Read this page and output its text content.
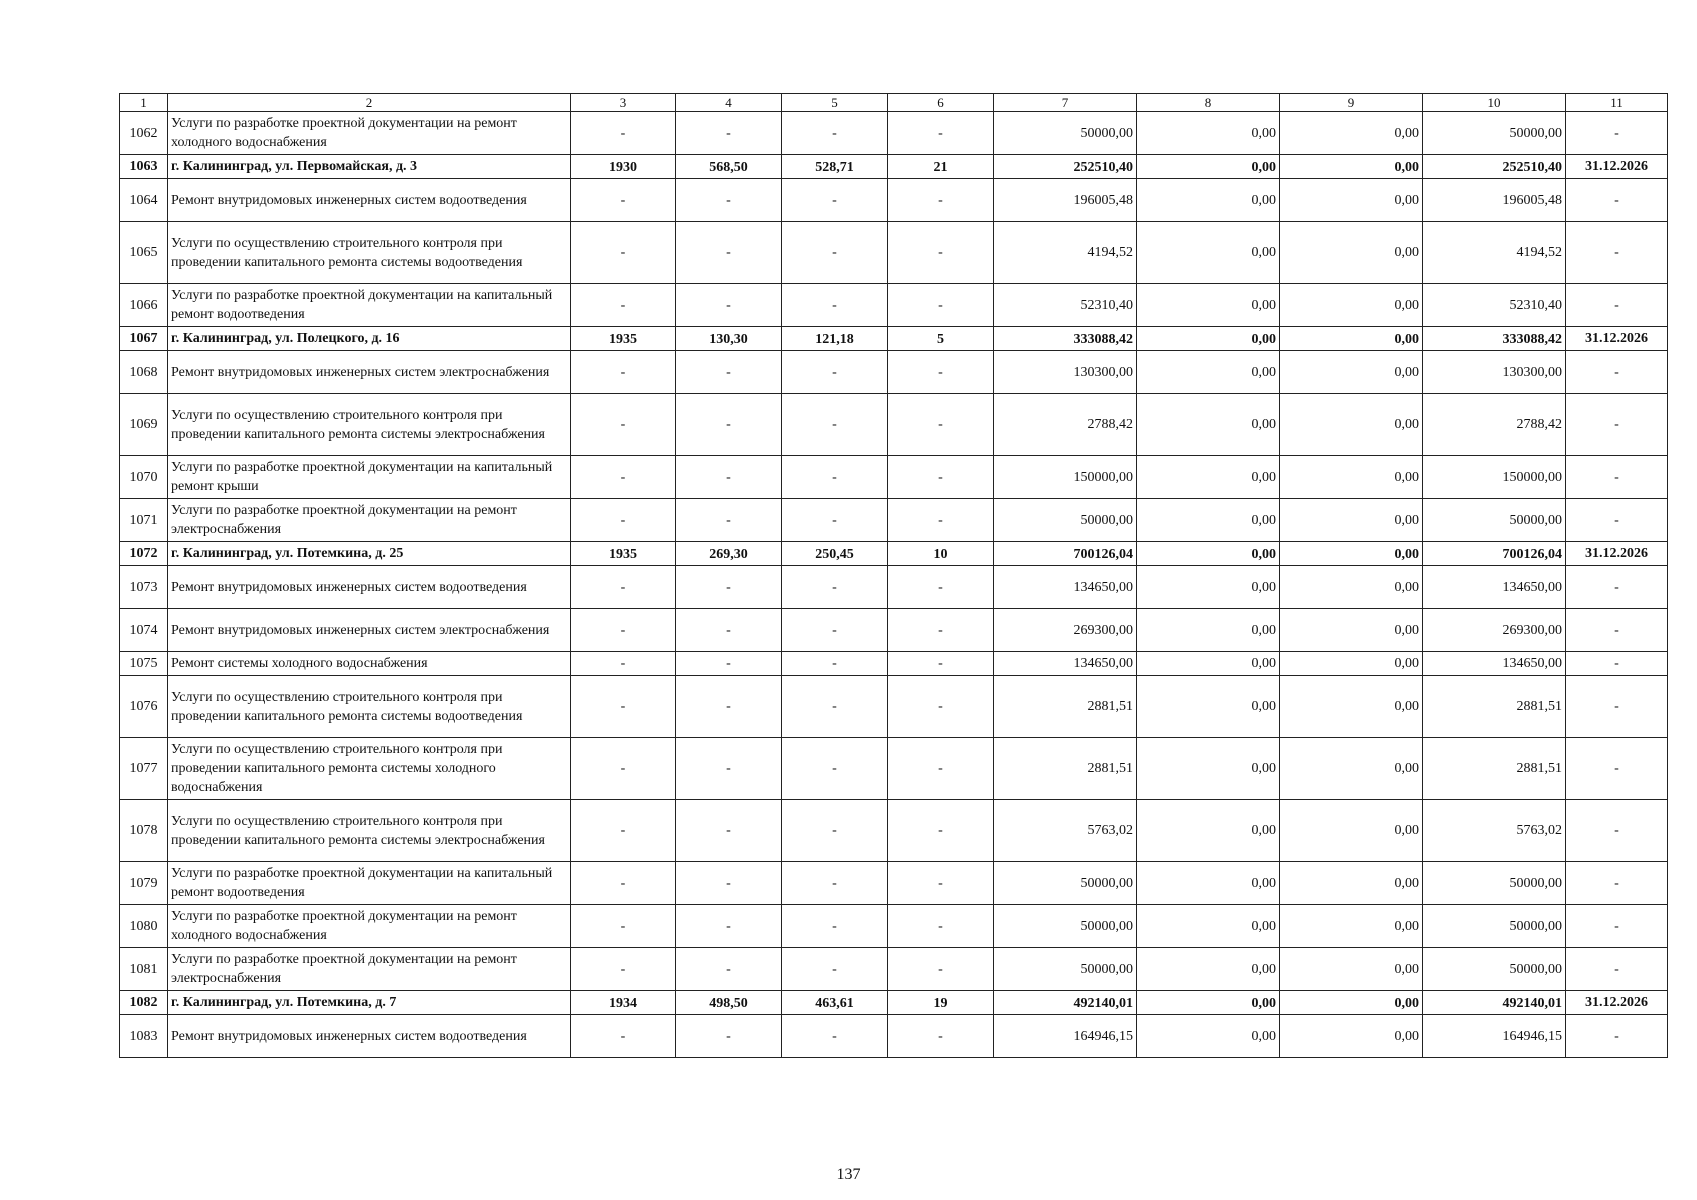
1	2	3	4	5	6	7	8	9	10	11
1062	Услуги по разработке проектной документации на ремонт холодного водоснабжения	-	-	-	-	50000,00	0,00	0,00	50000,00	-
1063	г. Калининград, ул. Первомайская, д. 3	1930	568,50	528,71	21	252510,40	0,00	0,00	252510,40	31.12.2026
1064	Ремонт внутридомовых инженерных систем водоотведения	-	-	-	-	196005,48	0,00	0,00	196005,48	-
1065	Услуги по осуществлению строительного контроля при проведении капитального ремонта системы водоотведения	-	-	-	-	4194,52	0,00	0,00	4194,52	-
1066	Услуги по разработке проектной документации на капитальный ремонт водоотведения	-	-	-	-	52310,40	0,00	0,00	52310,40	-
1067	г. Калининград, ул. Полецкого, д. 16	1935	130,30	121,18	5	333088,42	0,00	0,00	333088,42	31.12.2026
1068	Ремонт внутридомовых инженерных систем электроснабжения	-	-	-	-	130300,00	0,00	0,00	130300,00	-
1069	Услуги по осуществлению строительного контроля при проведении капитального ремонта системы электроснабжения	-	-	-	-	2788,42	0,00	0,00	2788,42	-
1070	Услуги по разработке проектной документации на капитальный ремонт крыши	-	-	-	-	150000,00	0,00	0,00	150000,00	-
1071	Услуги по разработке проектной документации на ремонт электроснабжения	-	-	-	-	50000,00	0,00	0,00	50000,00	-
1072	г. Калининград, ул. Потемкина, д. 25	1935	269,30	250,45	10	700126,04	0,00	0,00	700126,04	31.12.2026
1073	Ремонт внутридомовых инженерных систем водоотведения	-	-	-	-	134650,00	0,00	0,00	134650,00	-
1074	Ремонт внутридомовых инженерных систем электроснабжения	-	-	-	-	269300,00	0,00	0,00	269300,00	-
1075	Ремонт системы холодного водоснабжения	-	-	-	-	134650,00	0,00	0,00	134650,00	-
1076	Услуги по осуществлению строительного контроля при проведении капитального ремонта системы водоотведения	-	-	-	-	2881,51	0,00	0,00	2881,51	-
1077	Услуги по осуществлению строительного контроля при проведении капитального ремонта системы холодного водоснабжения	-	-	-	-	2881,51	0,00	0,00	2881,51	-
1078	Услуги по осуществлению строительного контроля при проведении капитального ремонта системы электроснабжения	-	-	-	-	5763,02	0,00	0,00	5763,02	-
1079	Услуги по разработке проектной документации на капитальный ремонт водоотведения	-	-	-	-	50000,00	0,00	0,00	50000,00	-
1080	Услуги по разработке проектной документации на ремонт холодного водоснабжения	-	-	-	-	50000,00	0,00	0,00	50000,00	-
1081	Услуги по разработке проектной документации на ремонт электроснабжения	-	-	-	-	50000,00	0,00	0,00	50000,00	-
1082	г. Калининград, ул. Потемкина, д. 7	1934	498,50	463,61	19	492140,01	0,00	0,00	492140,01	31.12.2026
1083	Ремонт внутридомовых инженерных систем водоотведения	-	-	-	-	164946,15	0,00	0,00	164946,15	-
137
